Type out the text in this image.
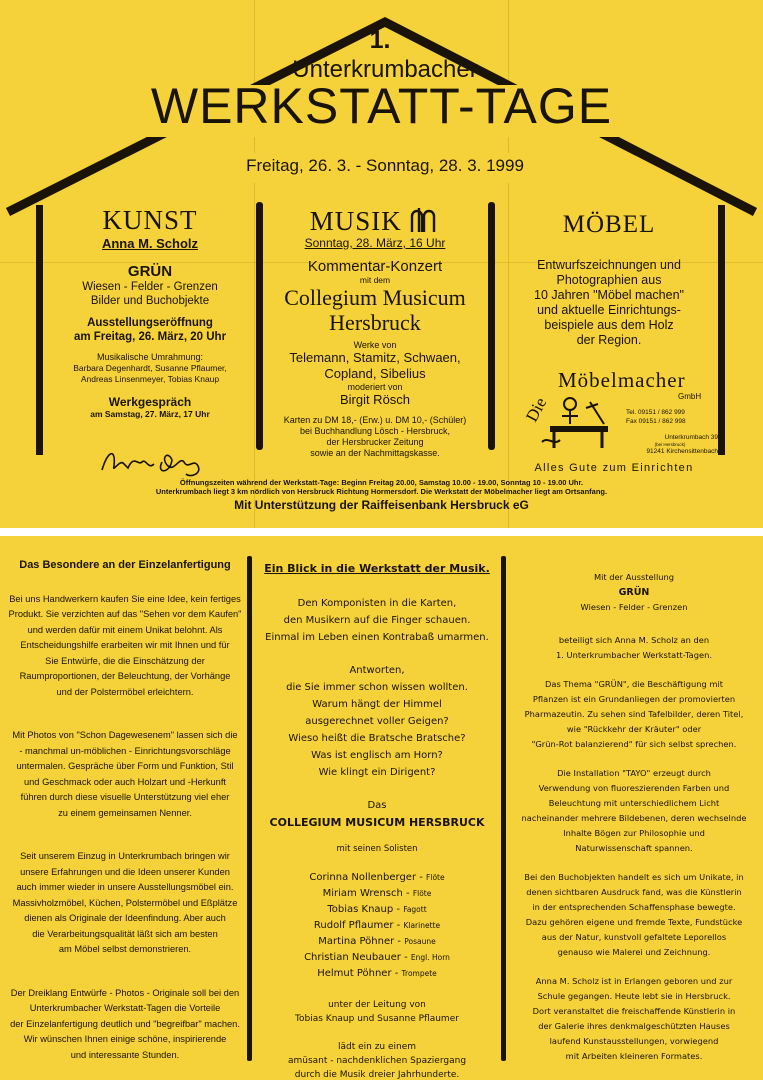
1.
Unterkrumbacher
WERKSTATT-TAGE
Freitag, 26. 3. - Sonntag, 28. 3. 1999
KUNST
Anna M. Scholz
GRÜN
Wiesen - Felder - Grenzen
Bilder und Buchobjekte
Ausstellungseröffnung
am Freitag, 26. März, 20 Uhr
Musikalische Umrahmung:
Barbara Degenhardt, Susanne Pflaumer,
Andreas Linsenmeyer, Tobias Knaup
Werkgespräch
am Samstag, 27. März, 17 Uhr
MUSIK
Sonntag, 28. März, 16 Uhr
Kommentar-Konzert
mit dem
Collegium Musicum
Hersbruck
Werke von
Telemann, Stamitz, Schwaen,
Copland, Sibelius
moderiert von
Birgit Rösch
Karten zu DM 18,- (Erw.) u. DM 10,- (Schüler)
bei Buchhandlung Lösch - Hersbruck,
der Hersbrucker Zeitung
sowie an der Nachmittagskasse.
MÖBEL
Entwurfszeichnungen und
Photographien aus
10 Jahren "Möbel machen"
und aktuelle Einrichtungs-
beispiele aus dem Holz
der Region.
Die
Möbelmacher
GmbH
Tel. 09151 / 862 999
Fax 09151 / 862 998
Unterkrumbach 39
(bei Hersbruck)
91241 Kirchensittenbach
Alles Gute zum Einrichten
Öffnungszeiten während der Werkstatt-Tage: Beginn Freitag 20.00, Samstag 10.00 - 19.00, Sonntag 10 - 19.00 Uhr.
Unterkrumbach liegt 3 km nördlich von Hersbruck Richtung Hormersdorf. Die Werkstatt der Möbelmacher liegt am Ortsanfang.
Mit Unterstützung der Raiffeisenbank Hersbruck eG
Das Besondere an der Einzelanfertigung

Bei uns Handwerkern kaufen Sie eine Idee, kein fertiges

Produkt. Sie verzichten auf das "Sehen vor dem Kaufen"

und werden dafür mit einem Unikat belohnt. Als

Entscheidungshilfe erarbeiten wir mit Ihnen und für

Sie Entwürfe, die die Einschätzung der

Raumproportionen, der Beleuchtung, der Vorhänge

und der Polstermöbel erleichtern.

Mit Photos von "Schon Dagewesenem" lassen sich die

- manchmal un-möblichen - Einrichtungsvorschläge

untermalen. Gespräche über Form und Funktion, Stil

und Geschmack oder auch Holzart und -Herkunft

führen durch diese visuelle Unterstützung viel eher

zu einem gemeinsamen Nenner.

Seit unserem Einzug in Unterkrumbach bringen wir

unsere Erfahrungen und die Ideen unserer Kunden

auch immer wieder in unsere Ausstellungsmöbel ein.

Massivholzmöbel, Küchen, Polstermöbel und Eßplätze

dienen als Originale der Ideenfindung. Aber auch

die Verarbeitungsqualität läßt sich am besten

am Möbel selbst demonstrieren.

Der Dreiklang Entwürfe - Photos - Originale soll bei den

Unterkrumbacher Werkstatt-Tagen die Vorteile

der Einzelanfertigung deutlich und "begreifbar" machen.

Wir wünschen Ihnen einige schöne, inspirierende

und interessante Stunden.

Ein Blick in die Werkstatt der Musik.

Den Komponisten in die Karten,

den Musikern auf die Finger schauen.

Einmal im Leben einen Kontrabaß umarmen.

Antworten,

die Sie immer schon wissen wollten.

Warum hängt der Himmel

ausgerechnet voller Geigen?

Wieso heißt die Bratsche Bratsche?

Was ist englisch am Horn?

Wie klingt ein Dirigent?

Das
COLLEGIUM MUSICUM HERSBRUCK
mit seinen Solisten
Corinna Nollenberger - Flöte
Miriam Wrensch - Flöte
Tobias Knaup - Fagott
Rudolf Pflaumer - Klarinette
Martina Pöhner - Posaune
Christian Neubauer - Engl. Horn
Helmut Pöhner - Trompete

unter der Leitung von

Tobias Knaup und Susanne Pflaumer

lädt ein zu einem

amüsant - nachdenklichen Spaziergang

durch die Musik dreier Jahrhunderte.

Mit der Ausstellung
GRÜN
Wiesen - Felder - Grenzen

beteiligt sich Anna M. Scholz an den

1. Unterkrumbacher Werkstatt-Tagen.

Das Thema "GRÜN", die Beschäftigung mit

Pflanzen ist ein Grundanliegen der promovierten

Pharmazeutin. Zu sehen sind Tafelbilder, deren Titel,

wie "Rückkehr der Kräuter" oder

"Grün-Rot balanzierend" für sich selbst sprechen.

Die Installation "TAYO" erzeugt durch

Verwendung von fluoreszierenden Farben und

Beleuchtung mit unterschiedlichem Licht

nacheinander mehrere Bildebenen, deren wechselnde

Inhalte Bögen zur Philosophie und

Naturwissenschaft spannen.

Bei den Buchobjekten handelt es sich um Unikate, in

denen sichtbaren Ausdruck fand, was die Künstlerin

in der entsprechenden Schaffensphase bewegte.

Dazu gehören eigene und fremde Texte, Fundstücke

aus der Natur, kunstvoll gefaltete Leporellos

genauso wie Malerei und Zeichnung.

Anna M. Scholz ist in Erlangen geboren und zur

Schule gegangen. Heute lebt sie in Hersbruck.

Dort veranstaltet die freischaffende Künstlerin in

der Galerie ihres denkmalgeschützten Hauses

laufend Kunstausstellungen, vorwiegend

mit Arbeiten kleineren Formates.
